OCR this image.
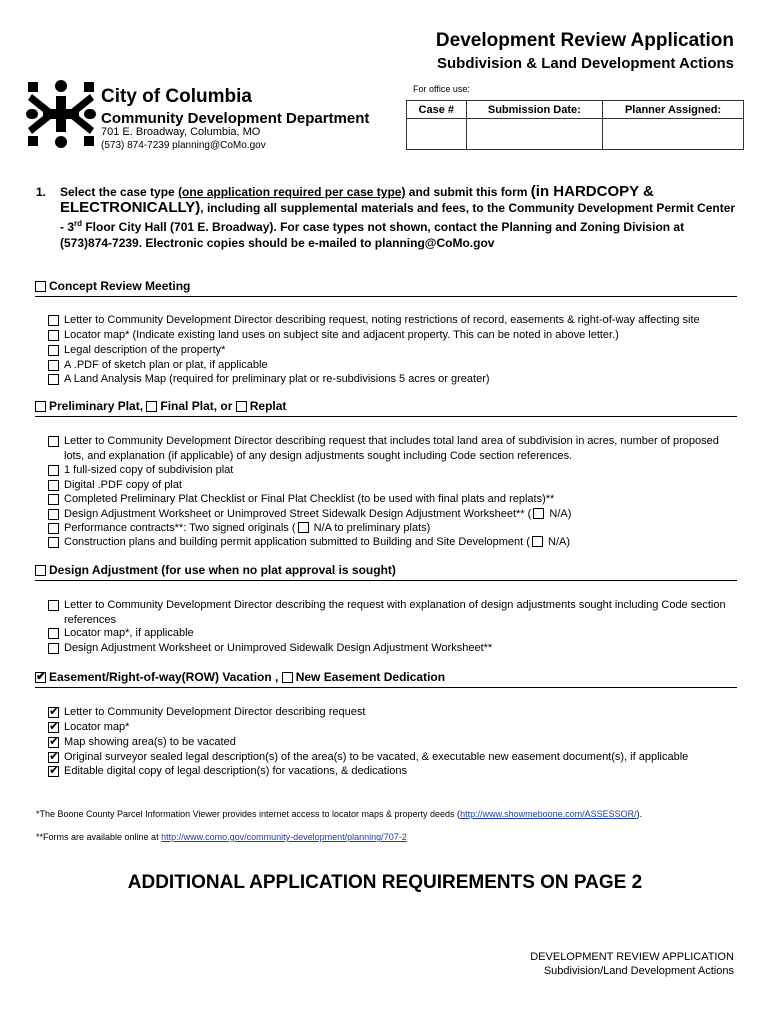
Development Review Application
Subdivision & Land Development Actions
City of Columbia
Community Development Department
701 E. Broadway, Columbia, MO
(573) 874-7239 planning@CoMo.gov
For office use:
Case #	Submission Date:	Planner Assigned:

1. Select the case type (one application required per case type) and submit this form (in HARDCOPY & ELECTRONICALLY), including all supplemental materials and fees, to the Community Development Permit Center - 3rd Floor City Hall (701 E. Broadway). For case types not shown, contact the Planning and Zoning Division at (573)874-7239. Electronic copies should be e-mailed to planning@CoMo.gov
Concept Review Meeting
Letter to Community Development Director describing request, noting restrictions of record, easements & right-of-way affecting site
Locator map* (Indicate existing land uses on subject site and adjacent property. This can be noted in above letter.)
Legal description of the property*
A .PDF of sketch plan or plat, if applicable
A Land Analysis Map (required for preliminary plat or re-subdivisions 5 acres or greater)
Preliminary Plat, Final Plat, or Replat
Letter to Community Development Director describing request that includes total land area of subdivision in acres, number of proposed lots, and explanation (if applicable) of any design adjustments sought including Code section references.
1 full-sized copy of subdivision plat
Digital .PDF copy of plat
Completed Preliminary Plat Checklist or Final Plat Checklist (to be used with final plats and replats)**
Design Adjustment Worksheet or Unimproved Street Sidewalk Design Adjustment Worksheet** ( N/A)
Performance contracts**: Two signed originals ( N/A to preliminary plats)
Construction plans and building permit application submitted to Building and Site Development ( N/A)
Design Adjustment (for use when no plat approval is sought)
Letter to Community Development Director describing the request with explanation of design adjustments sought including Code section references
Locator map*, if applicable
Design Adjustment Worksheet or Unimproved Sidewalk Design Adjustment Worksheet**
✔Easement/Right-of-way(ROW) Vacation , New Easement Dedication
✔
Letter to Community Development Director describing request
✔
Locator map*
✔
Map showing area(s) to be vacated
✔
Original surveyor sealed legal description(s) of the area(s) to be vacated, & executable new easement document(s), if applicable
✔
Editable digital copy of legal description(s) for vacations, & dedications
*The Boone County Parcel Information Viewer provides internet access to locator maps & property deeds (http://www.showmeboone.com/ASSESSOR/).
**Forms are available online at http://www.como.gov/community-development/planning/707-2
ADDITIONAL APPLICATION REQUIREMENTS ON PAGE 2
DEVELOPMENT REVIEW APPLICATION
Subdivision/Land Development Actions
